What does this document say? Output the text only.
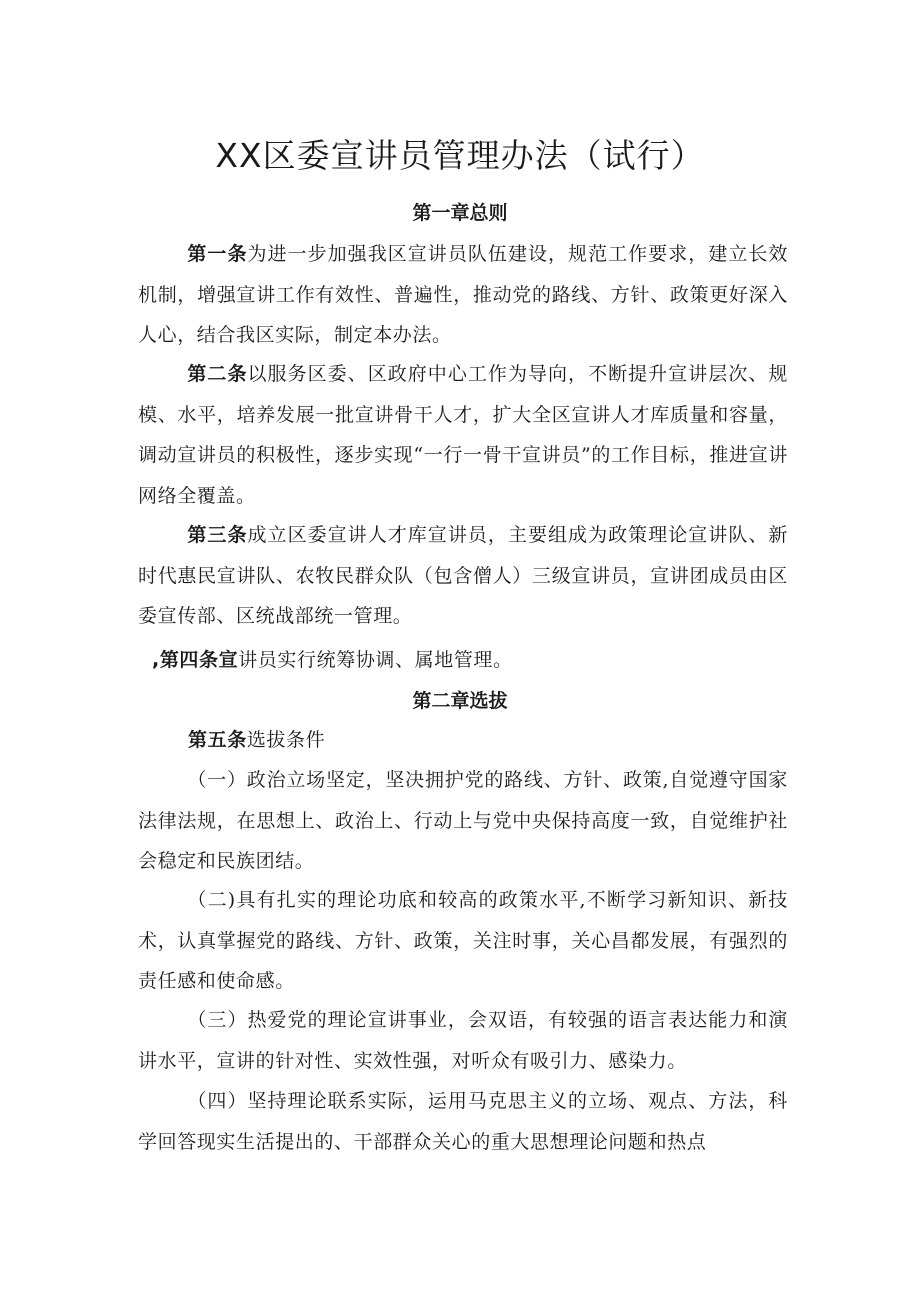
XX区委宣讲员管理办法（试行）
第一章总则

第一条为进一步加强我区宣讲员队伍建设，规范工作要求，建立长效机制，增强宣讲工作有效性、普遍性，推动党的路线、方针、政策更好深入人心，结合我区实际，制定本办法。

第二条以服务区委、区政府中心工作为导向，不断提升宣讲层次、规模、水平，培养发展一批宣讲骨干人才，扩大全区宣讲人才库质量和容量，调动宣讲员的积极性，逐步实现“一行一骨干宣讲员”的工作目标，推进宣讲网络全覆盖。

第三条成立区委宣讲人才库宣讲员，主要组成为政策理论宣讲队、新时代惠民宣讲队、农牧民群众队（包含僧人）三级宣讲员，宣讲团成员由区委宣传部、区统战部统一管理。

,第四条宣讲员实行统筹协调、属地管理。

第二章选拔

第五条选拔条件

（一）政治立场坚定，坚决拥护党的路线、方针、政策,自觉遵守国家法律法规，在思想上、政治上、行动上与党中央保持高度一致，自觉维护社会稳定和民族团结。

（二)具有扎实的理论功底和较高的政策水平,不断学习新知识、新技术，认真掌握党的路线、方针、政策，关注时事，关心昌都发展，有强烈的责任感和使命感。

（三）热爱党的理论宣讲事业，会双语，有较强的语言表达能力和演讲水平，宣讲的针对性、实效性强，对听众有吸引力、感染力。

（四）坚持理论联系实际，运用马克思主义的立场、观点、方法，科学回答现实生活提出的、干部群众关心的重大思想理论问题和热点
